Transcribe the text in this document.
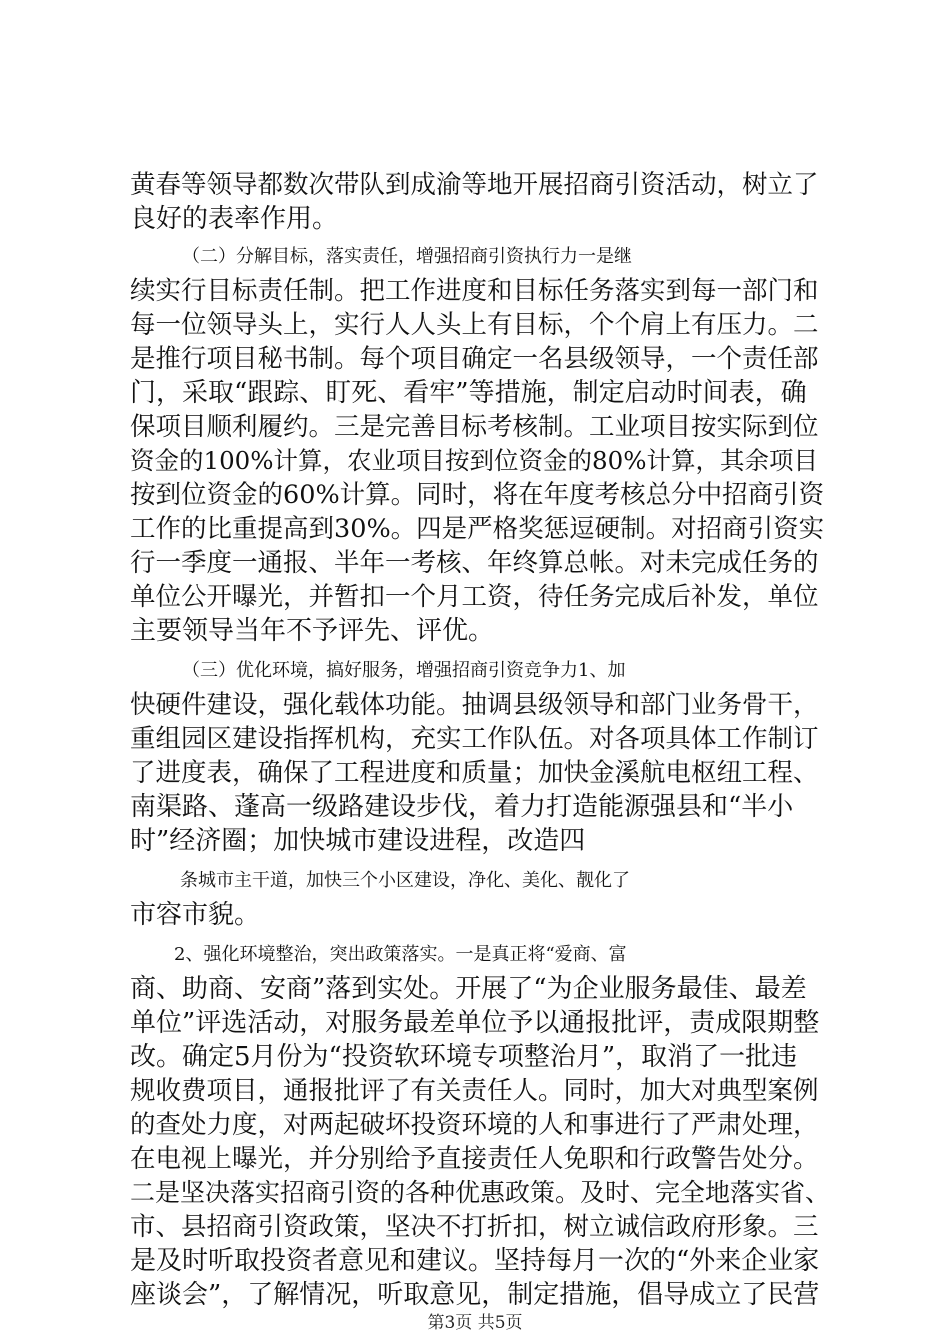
黄春等领导都数次带队到成渝等地开展招商引资活动，树立了
良好的表率作用。
（二）分解目标，落实责任，增强招商引资执行力一是继
续实行目标责任制。把工作进度和目标任务落实到每一部门和
每一位领导头上，实行人人头上有目标，个个肩上有压力。二
是推行项目秘书制。每个项目确定一名县级领导，一个责任部
门，采取“跟踪、盯死、看牢”等措施，制定启动时间表，确
保项目顺利履约。三是完善目标考核制。工业项目按实际到位
资金的100%计算，农业项目按到位资金的80%计算，其余项目
按到位资金的60%计算。同时，将在年度考核总分中招商引资
工作的比重提高到30%。四是严格奖惩逗硬制。对招商引资实
行一季度一通报、半年一考核、年终算总帐。对未完成任务的
单位公开曝光，并暂扣一个月工资，待任务完成后补发，单位
主要领导当年不予评先、评优。
（三）优化环境，搞好服务，增强招商引资竞争力1、加
快硬件建设，强化载体功能。抽调县级领导和部门业务骨干，
重组园区建设指挥机构，充实工作队伍。对各项具体工作制订
了进度表，确保了工程进度和质量；加快金溪航电枢纽工程、
南渠路、蓬高一级路建设步伐，着力打造能源强县和“半小
时”经济圈；加快城市建设进程，改造四
条城市主干道，加快三个小区建设，净化、美化、靓化了
市容市貌。
2、强化环境整治，突出政策落实。一是真正将“爱商、富
商、助商、安商”落到实处。开展了“为企业服务最佳、最差
单位”评选活动，对服务最差单位予以通报批评，责成限期整
改。确定5月份为“投资软环境专项整治月”，取消了一批违
规收费项目，通报批评了有关责任人。同时，加大对典型案例
的查处力度，对两起破坏投资环境的人和事进行了严肃处理，
在电视上曝光，并分别给予直接责任人免职和行政警告处分。
二是坚决落实招商引资的各种优惠政策。及时、完全地落实省、
市、县招商引资政策，坚决不打折扣，树立诚信政府形象。三
是及时听取投资者意见和建议。坚持每月一次的“外来企业家
座谈会”，了解情况，听取意见，制定措施，倡导成立了民营
第3页 共5页
